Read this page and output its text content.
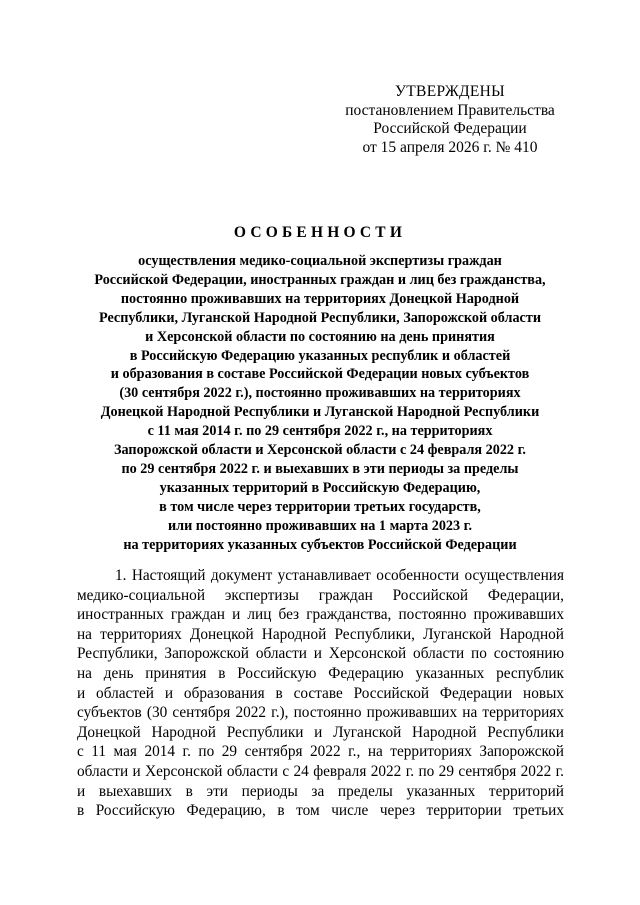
УТВЕРЖДЕНЫ
постановлением Правительства
Российской Федерации
от 15 апреля 2026 г. № 410
ОСОБЕННОСТИ
осуществления медико-социальной экспертизы граждан
Российской Федерации, иностранных граждан и лиц без гражданства,
постоянно проживавших на территориях Донецкой Народной
Республики, Луганской Народной Республики, Запорожской области
и Херсонской области по состоянию на день принятия
в Российскую Федерацию указанных республик и областей
и образования в составе Российской Федерации новых субъектов
(30 сентября 2022 г.), постоянно проживавших на территориях
Донецкой Народной Республики и Луганской Народной Республики
с 11 мая 2014 г. по 29 сентября 2022 г., на территориях
Запорожской области и Херсонской области с 24 февраля 2022 г.
по 29 сентября 2022 г. и выехавших в эти периоды за пределы
указанных территорий в Российскую Федерацию,
в том числе через территории третьих государств,
или постоянно проживавших на 1 марта 2023 г.
на территориях указанных субъектов Российской Федерации
1. Настоящий документ устанавливает особенности осуществления
медико-социальной экспертизы граждан Российской Федерации,
иностранных граждан и лиц без гражданства, постоянно проживавших
на территориях Донецкой Народной Республики, Луганской Народной
Республики, Запорожской области и Херсонской области по состоянию
на день принятия в Российскую Федерацию указанных республик
и областей и образования в составе Российской Федерации новых
субъектов (30 сентября 2022 г.), постоянно проживавших на территориях
Донецкой Народной Республики и Луганской Народной Республики
с 11 мая 2014 г. по 29 сентября 2022 г., на территориях Запорожской
области и Херсонской области с 24 февраля 2022 г. по 29 сентября 2022 г.
и выехавших в эти периоды за пределы указанных территорий
в Российскую Федерацию, в том числе через территории третьих
